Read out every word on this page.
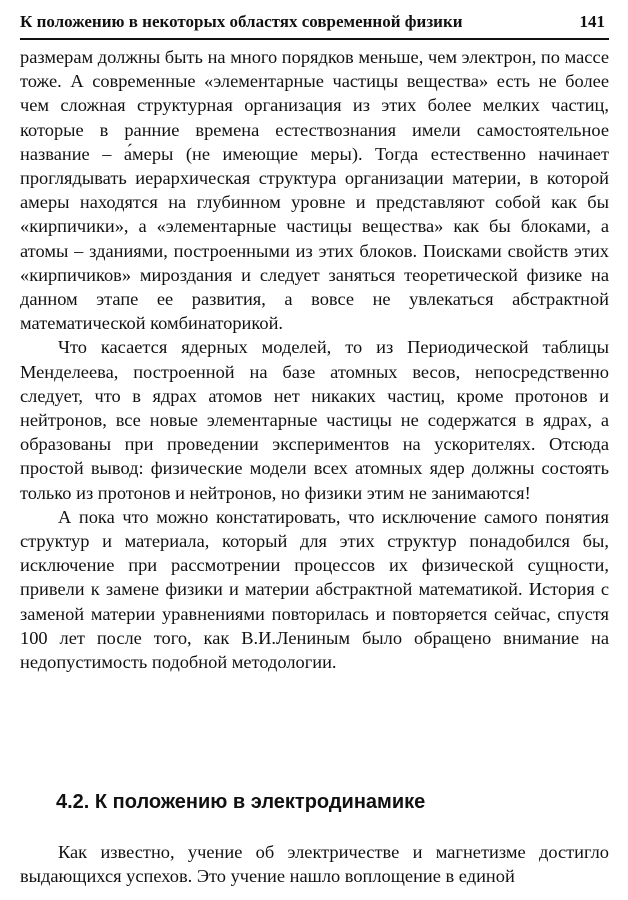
К положению в некоторых областях современной физики	141

размерам должны быть на много порядков меньше, чем электрон, по массе тоже. А современные «элементарные частицы вещества» есть не более чем сложная структурная организация из этих более мелких частиц, которые в ранние времена естествознания имели самостоятельное название – а́меры (не имеющие меры). Тогда естественно начинает проглядывать иерархическая структура организации материи, в которой амеры находятся на глубинном уровне и представляют собой как бы «кирпичики», а «элементарные частицы вещества» как бы блоками, а атомы – зданиями, построенными из этих блоков. Поисками свойств этих «кирпичиков» мироздания и следует заняться теоретической физике на данном этапе ее развития, а вовсе не увлекаться абстрактной математической комбинаторикой.

Что касается ядерных моделей, то из Периодической таблицы Менделеева, построенной на базе атомных весов, непосредственно следует, что в ядрах атомов нет никаких частиц, кроме протонов и нейтронов, все новые элементарные частицы не содержатся в ядрах, а образованы при проведении экспериментов на ускорителях. Отсюда простой вывод: физические модели всех атомных ядер должны состоять только из протонов и нейтронов, но физики этим не занимаются!

А пока что можно констатировать, что исключение самого понятия структур и материала, который для этих структур понадобился бы, исключение при рассмотрении процессов их физической сущности, привели к замене физики и материи абстрактной математикой. История с заменой материи уравнениями повторилась и повторяется сейчас, спустя 100 лет после того, как В.И.Лениным было обращено внимание на недопустимость подобной методологии.

4.2. К положению в электродинамике

Как известно, учение об электричестве и магнетизме достигло выдающихся успехов. Это учение нашло воплощение в единой
